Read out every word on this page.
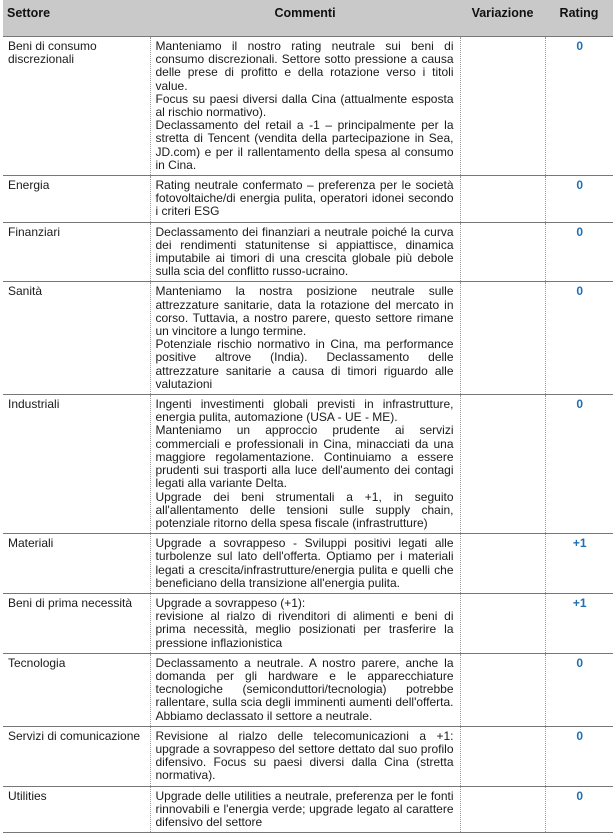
Settore	Commenti	Variazione	Rating
Beni di consumo discrezionali	Manteniamo il nostro rating neutrale sui beni di consumo discrezionali. Settore sotto pressione a causa delle prese di profitto e della rotazione verso i titoli value.
Focus su paesi diversi dalla Cina (attualmente esposta al rischio normativo).
Declassamento del retail a -1 – principalmente per la stretta di Tencent (vendita della partecipazione in Sea, JD.com) e per il rallentamento della spesa al consumo in Cina.		0
Energia	Rating neutrale confermato – preferenza per le società fotovoltaiche/di energia pulita, operatori idonei secondo i criteri ESG		0
Finanziari	Declassamento dei finanziari a neutrale poiché la curva dei rendimenti statunitense si appiattisce, dinamica imputabile ai timori di una crescita globale più debole sulla scia del conflitto russo-ucraino.		0
Sanità	Manteniamo la nostra posizione neutrale sulle attrezzature sanitarie, data la rotazione del mercato in corso. Tuttavia, a nostro parere, questo settore rimane un vincitore a lungo termine.
Potenziale rischio normativo in Cina, ma performance positive altrove (India). Declassamento delle attrezzature sanitarie a causa di timori riguardo alle valutazioni		0
Industriali	Ingenti investimenti globali previsti in infrastrutture, energia pulita, automazione (USA - UE - ME).
Manteniamo un approccio prudente ai servizi commerciali e professionali in Cina, minacciati da una maggiore regolamentazione. Continuiamo a essere prudenti sui trasporti alla luce dell'aumento dei contagi legati alla variante Delta.
Upgrade dei beni strumentali a +1, in seguito all'allentamento delle tensioni sulle supply chain, potenziale ritorno della spesa fiscale (infrastrutture)		0
Materiali	Upgrade a sovrappeso - Sviluppi positivi legati alle turbolenze sul lato dell'offerta. Optiamo per i materiali legati a crescita/infrastrutture/energia pulita e quelli che beneficiano della transizione all'energia pulita.		+1
Beni di prima necessità	Upgrade a sovrappeso (+1):
revisione al rialzo di rivenditori di alimenti e beni di prima necessità, meglio posizionati per trasferire la pressione inflazionistica		+1
Tecnologia	Declassamento a neutrale. A nostro parere, anche la domanda per gli hardware e le apparecchiature tecnologiche (semiconduttori/tecnologia) potrebbe rallentare, sulla scia degli imminenti aumenti dell'offerta. Abbiamo declassato il settore a neutrale.		0
Servizi di comunicazione	Revisione al rialzo delle telecomunicazioni a +1: upgrade a sovrappeso del settore dettato dal suo profilo difensivo. Focus su paesi diversi dalla Cina (stretta normativa).		0
Utilities	Upgrade delle utilities a neutrale, preferenza per le fonti rinnovabili e l'energia verde; upgrade legato al carattere difensivo del settore		0
